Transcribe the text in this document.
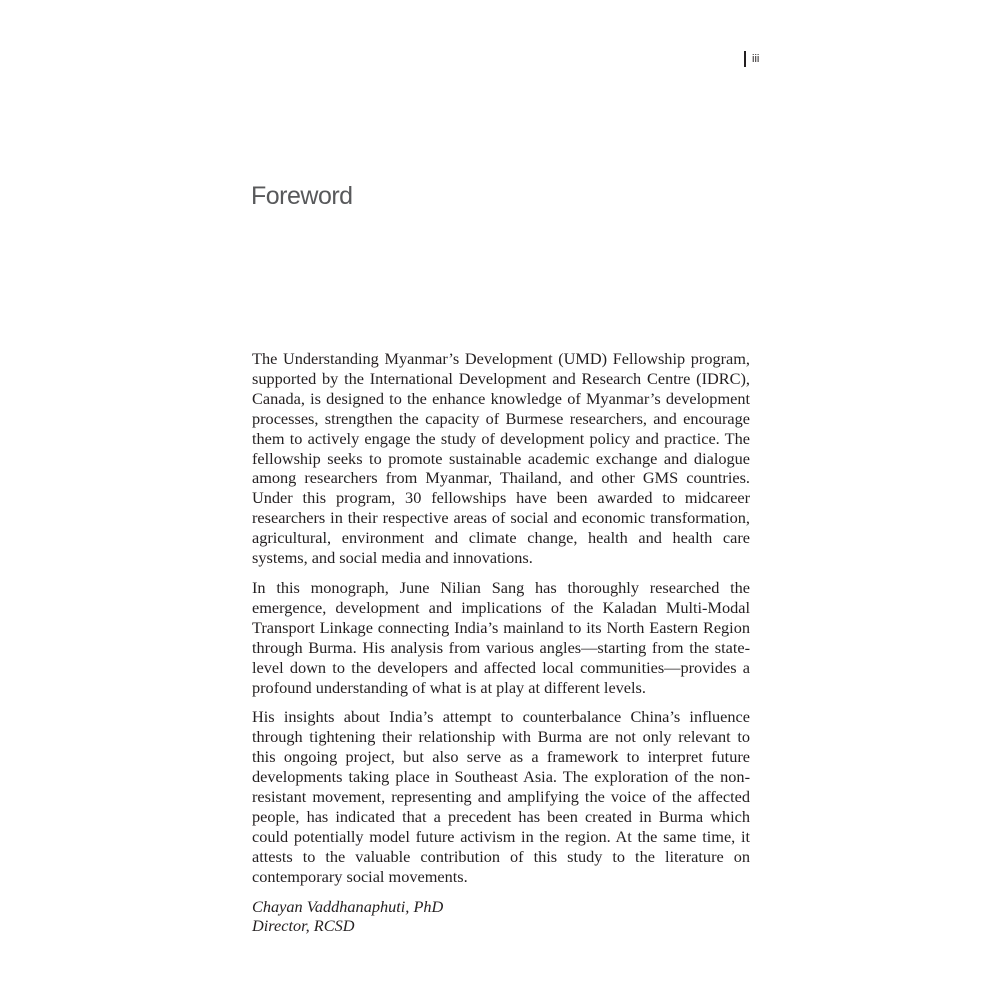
iii
Foreword

The Understanding Myanmar’s Development (UMD) Fellowship program, supported by the International Development and Research Centre (IDRC), Canada, is designed to the enhance knowledge of Myanmar’s development processes, strengthen the capacity of Burmese researchers, and encourage them to actively engage the study of development policy and practice. The fellowship seeks to promote sustainable academic exchange and dialogue among researchers from Myanmar, Thailand, and other GMS countries. Under this program, 30 fellowships have been awarded to midcareer researchers in their respective areas of social and economic transformation, agricultural, environment and climate change, health and health care systems, and social media and innovations.

In this monograph, June Nilian Sang has thoroughly researched the emergence, development and implications of the Kaladan Multi-Modal Transport Linkage connecting India’s mainland to its North Eastern Region through Burma. His analysis from various angles—starting from the state-level down to the developers and affected local communities—provides a profound understanding of what is at play at different levels.

His insights about India’s attempt to counterbalance China’s influence through tightening their relationship with Burma are not only relevant to this ongoing project, but also serve as a framework to interpret future developments taking place in Southeast Asia. The exploration of the non-resistant movement, representing and amplifying the voice of the affected people, has indicated that a precedent has been created in Burma which could potentially model future activism in the region. At the same time, it attests to the valuable contribution of this study to the literature on contemporary social movements.

Chayan Vaddhanaphuti, PhD
Director, RCSD
